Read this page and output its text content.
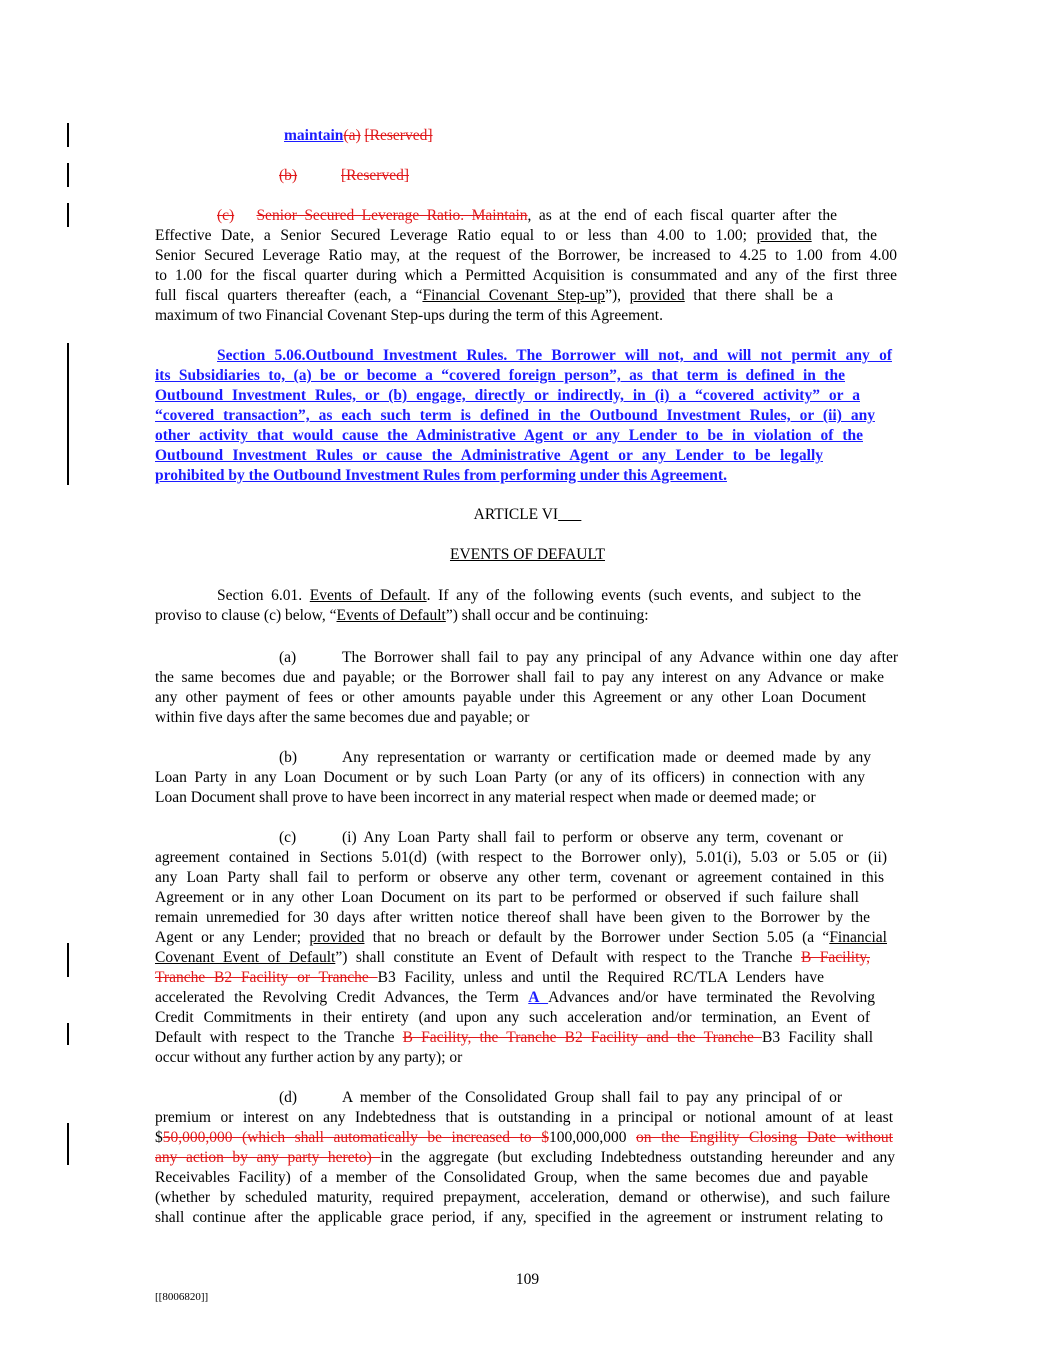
maintain(a) [Reserved]
(b)	[Reserved]
(c) Senior Secured Leverage Ratio. Maintain, as at the end of each fiscal quarter after the
Effective Date, a Senior Secured Leverage Ratio equal to or less than 4.00 to 1.00; provided that, the
Senior Secured Leverage Ratio may, at the request of the Borrower, be increased to 4.25 to 1.00 from 4.00
to 1.00 for the fiscal quarter during which a Permitted Acquisition is consummated and any of the first three
full fiscal quarters thereafter (each, a “Financial Covenant Step-up”), provided that there shall be a
maximum of two Financial Covenant Step-ups during the term of this Agreement.
Section 5.06.Outbound Investment Rules. The Borrower will not, and will not permit any of
its Subsidiaries to, (a) be or become a “covered foreign person”, as that term is defined in the
Outbound Investment Rules, or (b) engage, directly or indirectly, in (i) a “covered activity” or a
“covered transaction”, as each such term is defined in the Outbound Investment Rules, or (ii) any
other activity that would cause the Administrative Agent or any Lender to be in violation of the
Outbound Investment Rules or cause the Administrative Agent or any Lender to be legally
prohibited by the Outbound Investment Rules from performing under this Agreement.
ARTICLE VI
EVENTS OF DEFAULT
Section 6.01. Events of Default. If any of the following events (such events, and subject to the
proviso to clause (c) below, “Events of Default”) shall occur and be continuing:
(a)	The Borrower shall fail to pay any principal of any Advance within one day after
the same becomes due and payable; or the Borrower shall fail to pay any interest on any Advance or make
any other payment of fees or other amounts payable under this Agreement or any other Loan Document
within five days after the same becomes due and payable; or
(b)	Any representation or warranty or certification made or deemed made by any
Loan Party in any Loan Document or by such Loan Party (or any of its officers) in connection with any
Loan Document shall prove to have been incorrect in any material respect when made or deemed made; or
(c)	(i) Any Loan Party shall fail to perform or observe any term, covenant or
agreement contained in Sections 5.01(d) (with respect to the Borrower only), 5.01(i), 5.03 or 5.05 or (ii)
any Loan Party shall fail to perform or observe any other term, covenant or agreement contained in this
Agreement or in any other Loan Document on its part to be performed or observed if such failure shall
remain unremedied for 30 days after written notice thereof shall have been given to the Borrower by the
Agent or any Lender; provided that no breach or default by the Borrower under Section 5.05 (a “Financial
Covenant Event of Default”) shall constitute an Event of Default with respect to the Tranche B Facility,
Tranche B2 Facility or Tranche B3 Facility, unless and until the Required RC/TLA Lenders have
accelerated the Revolving Credit Advances, the Term A Advances and/or have terminated the Revolving
Credit Commitments in their entirety (and upon any such acceleration and/or termination, an Event of
Default with respect to the Tranche B Facility, the Tranche B2 Facility and the Tranche B3 Facility shall
occur without any further action by any party); or
(d)	A member of the Consolidated Group shall fail to pay any principal of or
premium or interest on any Indebtedness that is outstanding in a principal or notional amount of at least
$50,000,000 (which shall automatically be increased to $100,000,000 on the Engility Closing Date without
any action by any party hereto) in the aggregate (but excluding Indebtedness outstanding hereunder and any
Receivables Facility) of a member of the Consolidated Group, when the same becomes due and payable
(whether by scheduled maturity, required prepayment, acceleration, demand or otherwise), and such failure
shall continue after the applicable grace period, if any, specified in the agreement or instrument relating to
109
[[8006820]]
